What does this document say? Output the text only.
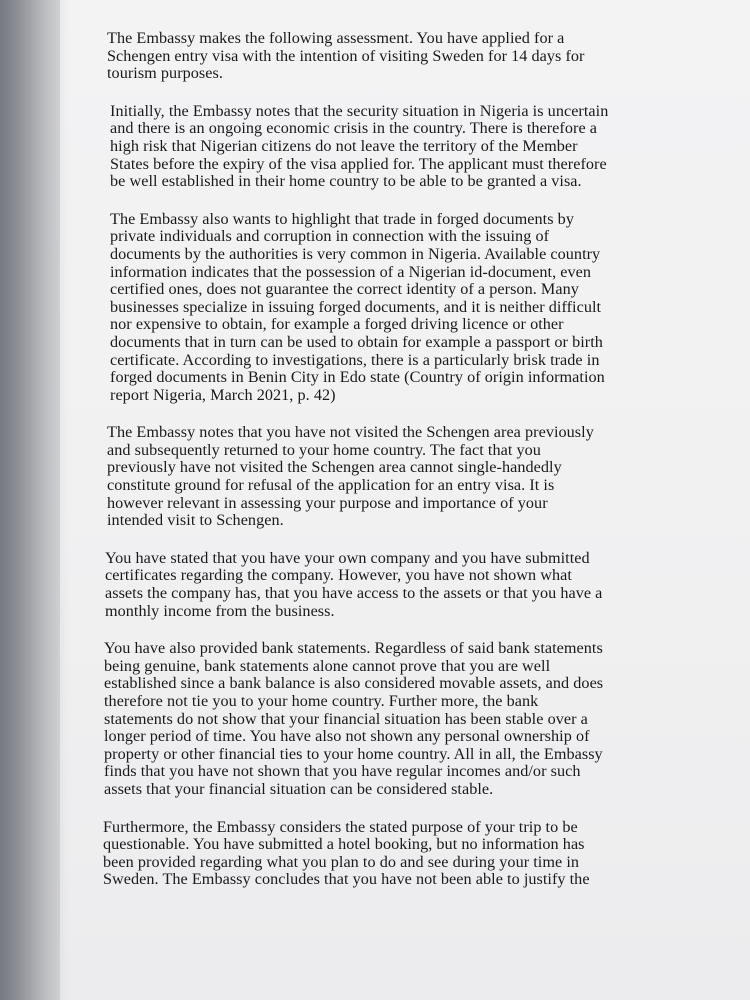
The Embassy makes the following assessment. You have applied for a
Schengen entry visa with the intention of visiting Sweden for 14 days for
tourism purposes.

Initially, the Embassy notes that the security situation in Nigeria is uncertain
and there is an ongoing economic crisis in the country. There is therefore a
high risk that Nigerian citizens do not leave the territory of the Member
States before the expiry of the visa applied for. The applicant must therefore
be well established in their home country to be able to be granted a visa.

The Embassy also wants to highlight that trade in forged documents by
private individuals and corruption in connection with the issuing of
documents by the authorities is very common in Nigeria. Available country
information indicates that the possession of a Nigerian id-document, even
certified ones, does not guarantee the correct identity of a person. Many
businesses specialize in issuing forged documents, and it is neither difficult
nor expensive to obtain, for example a forged driving licence or other
documents that in turn can be used to obtain for example a passport or birth
certificate. According to investigations, there is a particularly brisk trade in
forged documents in Benin City in Edo state (Country of origin information
report Nigeria, March 2021, p. 42)

The Embassy notes that you have not visited the Schengen area previously
and subsequently returned to your home country. The fact that you
previously have not visited the Schengen area cannot single-handedly
constitute ground for refusal of the application for an entry visa. It is
however relevant in assessing your purpose and importance of your
intended visit to Schengen.

You have stated that you have your own company and you have submitted
certificates regarding the company. However, you have not shown what
assets the company has, that you have access to the assets or that you have a
monthly income from the business.

You have also provided bank statements. Regardless of said bank statements
being genuine, bank statements alone cannot prove that you are well
established since a bank balance is also considered movable assets, and does
therefore not tie you to your home country. Further more, the bank
statements do not show that your financial situation has been stable over a
longer period of time. You have also not shown any personal ownership of
property or other financial ties to your home country. All in all, the Embassy
finds that you have not shown that you have regular incomes and/or such
assets that your financial situation can be considered stable.

Furthermore, the Embassy considers the stated purpose of your trip to be
questionable. You have submitted a hotel booking, but no information has
been provided regarding what you plan to do and see during your time in
Sweden. The Embassy concludes that you have not been able to justify the
